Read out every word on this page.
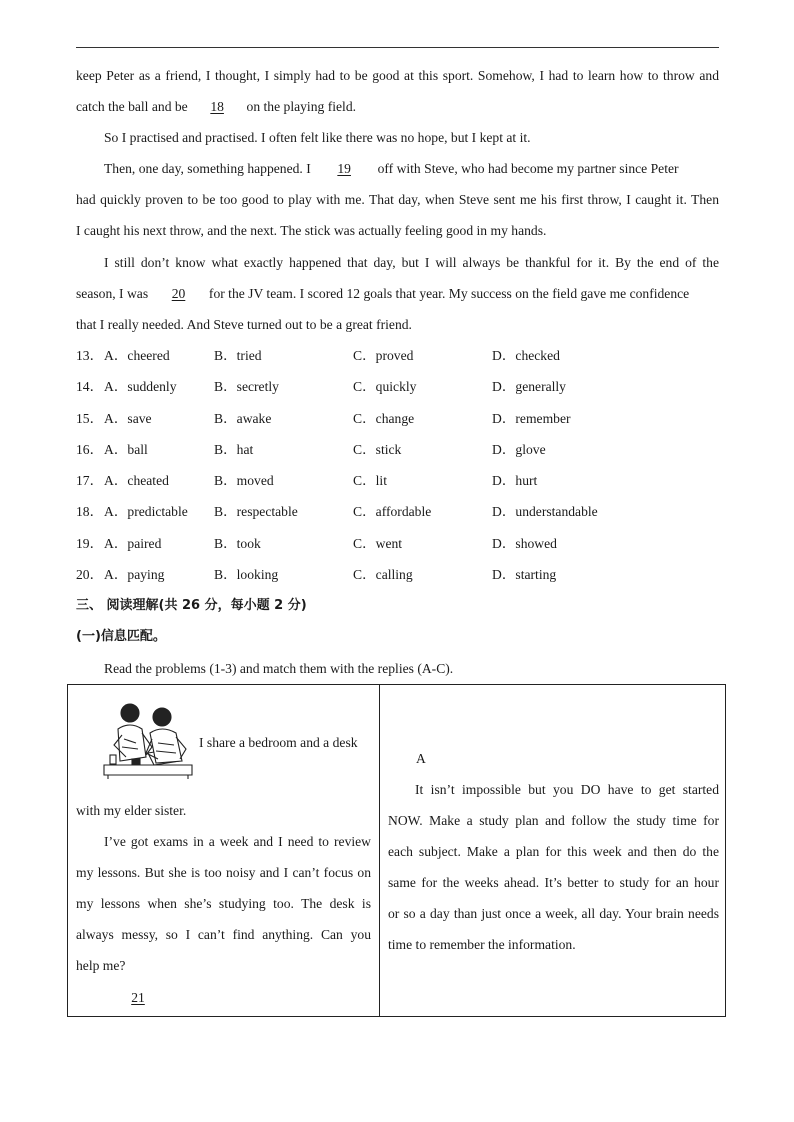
keep Peter as a friend, I thought, I simply had to be good at this sport. Somehow, I had to learn how to throw and
catch the ball and be 18 on the playing field.
So I practised and practised. I often felt like there was no hope, but I kept at it.
Then, one day, something happened. I 19 off with Steve, who had become my partner since Peter
had quickly proven to be too good to play with me. That day, when Steve sent me his first throw, I caught it. Then
I caught his next throw, and the next. The stick was actually feeling good in my hands.
I still don’t know what exactly happened that day, but I will always be thankful for it. By the end of the
season, I was 20 for the JV team. I scored 12 goals that year. My success on the field gave me confidence
that I really needed. And Steve turned out to be a great friend.
13． A．cheered	B．tried	C．proved	D．checked
14． A．suddenly	B．secretly	C．quickly	D．generally
15． A．save	B．awake	C．change	D．remember
16． A．ball	B．hat	C．stick	D．glove
17． A．cheated	B．moved	C．lit	D．hurt
18． A．predictable B．respectable	C．affordable	D．understandable
19． A．paired	B．took	C．went	D．showed
20． A．paying	B．looking	C．calling	D．starting
三、 阅读理解(共 26 分，每小题 2 分)
(一)信息匹配。
Read the problems (1-3) and match them with the replies (A-C).
I share a bedroom and a desk
with my elder sister.
I’ve got exams in a week and I need to review
my lessons. But she is too noisy and I can’t focus on
my lessons when she’s studying too. The desk is
always messy, so I can’t find anything. Can you
help me?
21
A
It isn’t impossible but you DO have to get started
NOW. Make a study plan and follow the study time for
each subject. Make a plan for this week and then do the
same for the weeks ahead. It’s better to study for an hour
or so a day than just once a week, all day. Your brain needs
time to remember the information.
